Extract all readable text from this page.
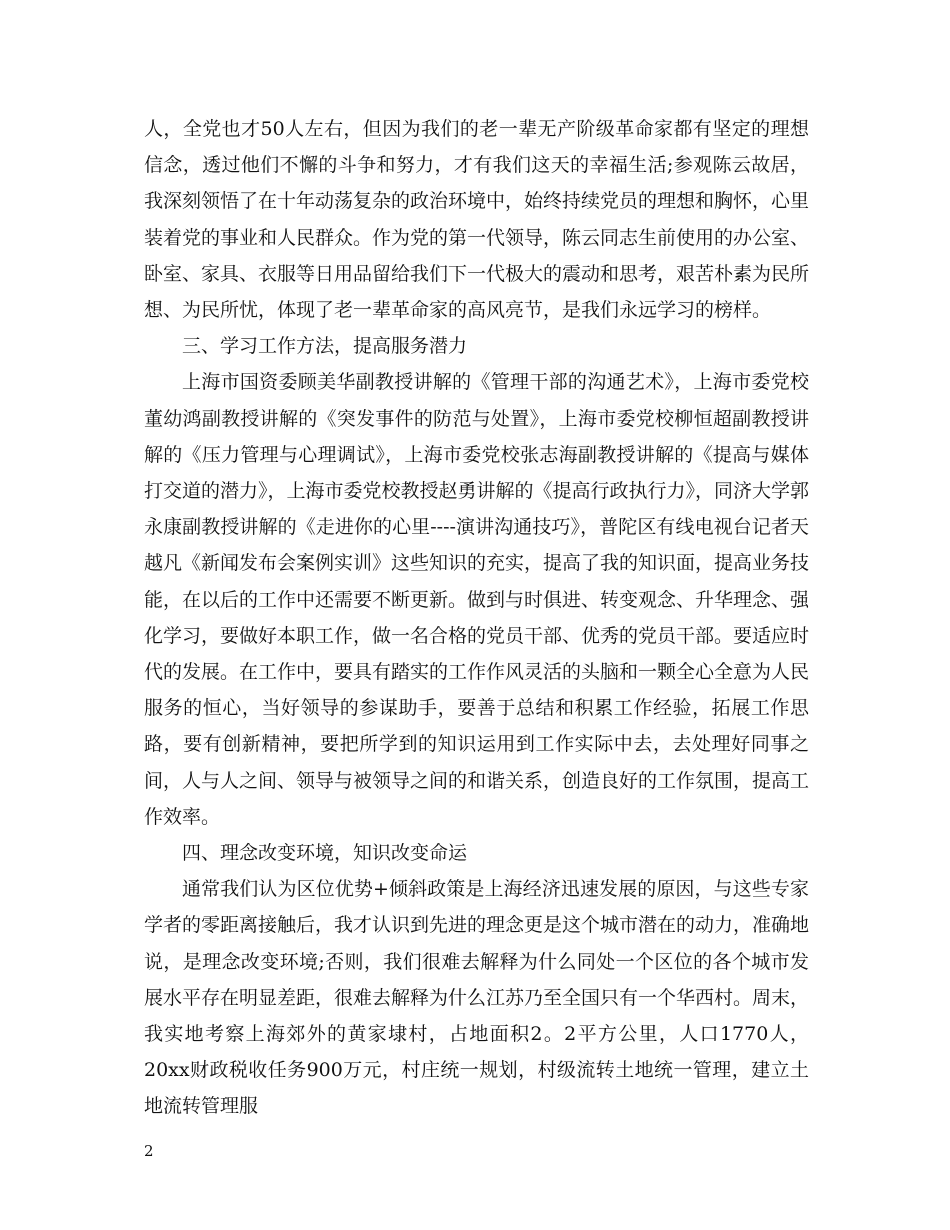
人，全党也才50人左右，但因为我们的老一辈无产阶级革命家都有坚定的理想信念，透过他们不懈的斗争和努力，才有我们这天的幸福生活;参观陈云故居，我深刻领悟了在十年动荡复杂的政治环境中，始终持续党员的理想和胸怀，心里装着党的事业和人民群众。作为党的第一代领导，陈云同志生前使用的办公室、卧室、家具、衣服等日用品留给我们下一代极大的震动和思考，艰苦朴素为民所想、为民所忧，体现了老一辈革命家的高风亮节，是我们永远学习的榜样。

三、学习工作方法，提高服务潜力

上海市国资委顾美华副教授讲解的《管理干部的沟通艺术》，上海市委党校董幼鸿副教授讲解的《突发事件的防范与处置》，上海市委党校柳恒超副教授讲解的《压力管理与心理调试》，上海市委党校张志海副教授讲解的《提高与媒体打交道的潜力》，上海市委党校教授赵勇讲解的《提高行政执行力》，同济大学郭永康副教授讲解的《走进你的心里----演讲沟通技巧》，普陀区有线电视台记者天越凡《新闻发布会案例实训》这些知识的充实，提高了我的知识面，提高业务技能，在以后的工作中还需要不断更新。做到与时俱进、转变观念、升华理念、强化学习，要做好本职工作，做一名合格的党员干部、优秀的党员干部。要适应时代的发展。在工作中，要具有踏实的工作作风灵活的头脑和一颗全心全意为人民服务的恒心，当好领导的参谋助手，要善于总结和积累工作经验，拓展工作思路，要有创新精神，要把所学到的知识运用到工作实际中去，去处理好同事之间，人与人之间、领导与被领导之间的和谐关系，创造良好的工作氛围，提高工作效率。

四、理念改变环境，知识改变命运

通常我们认为区位优势+倾斜政策是上海经济迅速发展的原因，与这些专家学者的零距离接触后，我才认识到先进的理念更是这个城市潜在的动力，准确地说，是理念改变环境;否则，我们很难去解释为什么同处一个区位的各个城市发展水平存在明显差距，很难去解释为什么江苏乃至全国只有一个华西村。周末，我实地考察上海郊外的黄家埭村，占地面积2。2平方公里，人口1770人，20xx财政税收任务900万元，村庄统一规划，村级流转土地统一管理，建立土地流转管理服

2
